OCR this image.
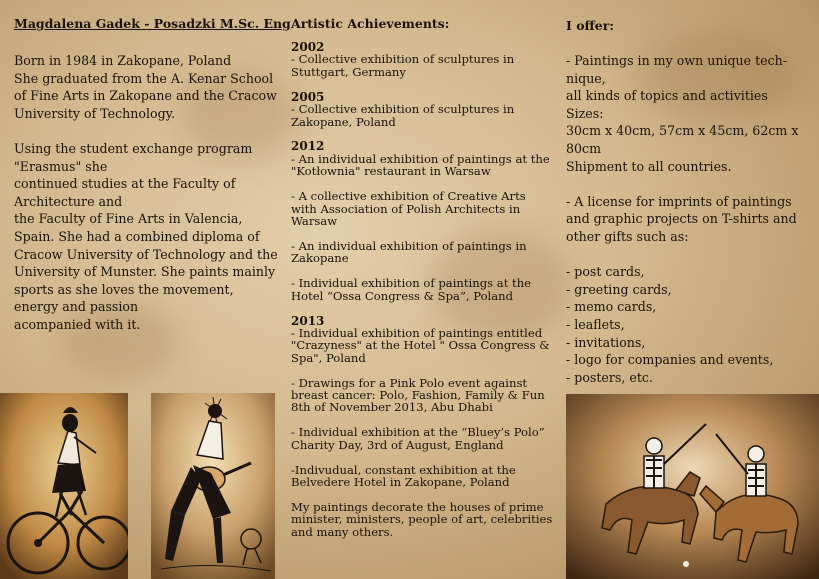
Magdalena Gadek - Posadzki M.Sc. Eng
Born in 1984 in Zakopane, Poland
She graduated from the A. Kenar School of Fine Arts in Zakopane and the Cracow University of Technology.

Using the student exchange program "Erasmus" she
continued studies at the Faculty of Architecture and
the Faculty of Fine Arts in Valencia, Spain. She had a combined diploma of Cracow University of Technology and the University of Munster. She paints mainly
sports as she loves the movement, energy and passion
acompanied with it.
Artistic Achievements:
2002
- Collective exhibition of sculptures in Stuttgart, Germany
2005
- Collective exhibition of sculptures in Zakopane, Poland
2012
- An individual exhibition of paintings at the "Kotłownia" restaurant in Warsaw
- A collective exhibition of Creative Arts with Association of Polish Architects in Warsaw
- An individual exhibition of paintings in Zakopane
- Individual exhibition of paintings at the Hotel “Ossa Congress & Spa”, Poland
2013
- Individual exhibition of paintings entitled
"Crazyness" at the Hotel " Ossa Congress & Spa", Poland
- Drawings for a Pink Polo event against breast cancer: Polo, Fashion, Family & Fun 8th of November 2013, Abu Dhabi
- Individual exhibition at the “Bluey’s Polo” Charity Day, 3rd of August, England
-Indivudual, constant exhibition at the Belvedere Hotel in Zakopane, Poland
My paintings decorate the houses of prime minister, ministers, people of art, celebrities and many others.
I offer:
- Paintings in my own unique tech-nique,
all kinds of topics and activities
Sizes:
30cm x 40cm, 57cm x 45cm, 62cm x 80cm
Shipment to all countries.

- A license for imprints of paintings and graphic projects on T-shirts and other gifts such as:

- post cards,
- greeting cards,
- memo cards,
- leaflets,
- invitations,
- logo for companies and events,
- posters, etc.
